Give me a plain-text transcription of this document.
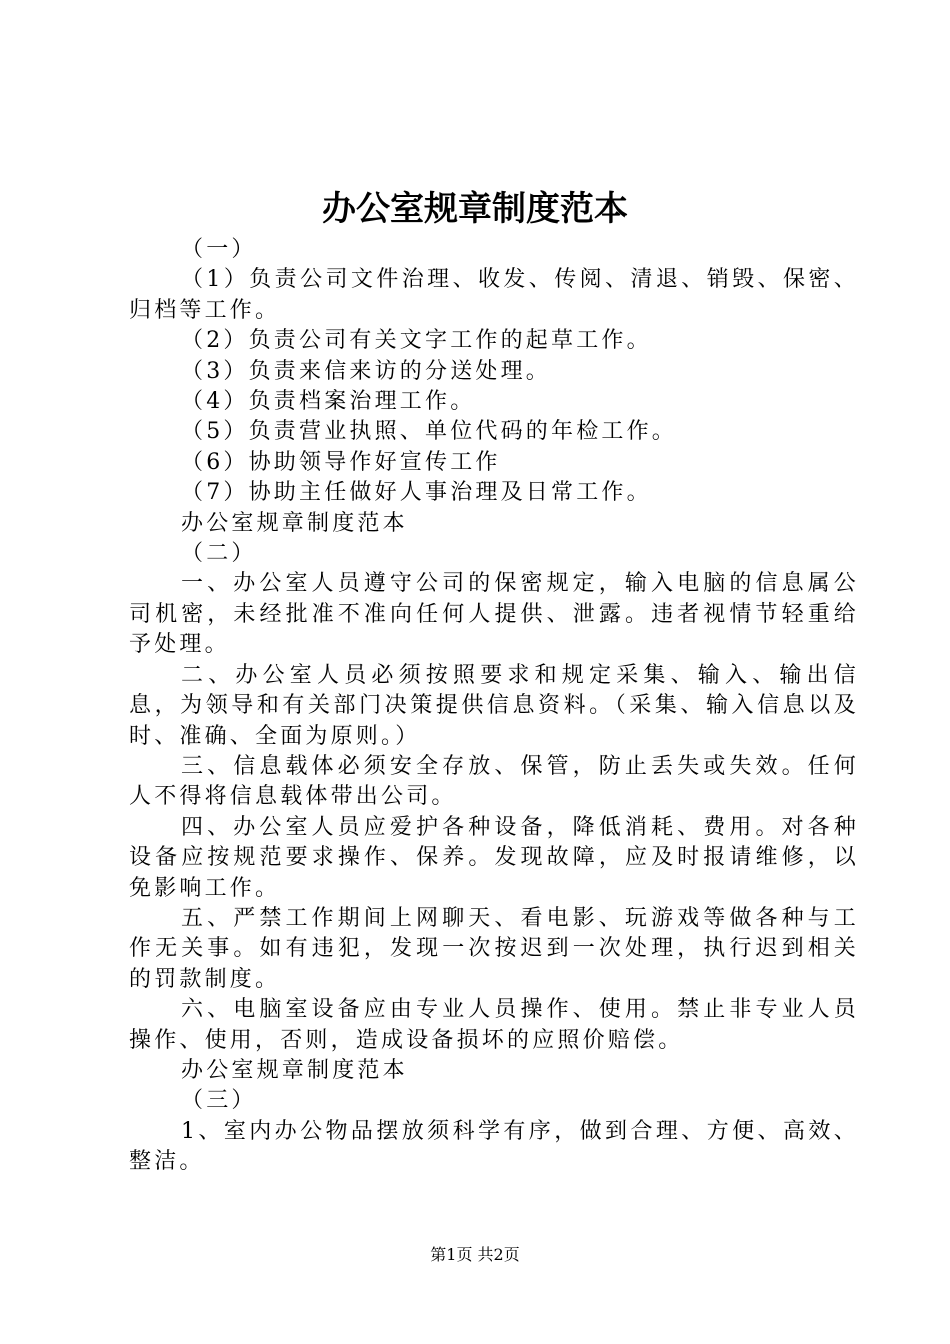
办公室规章制度范本

（一）

（1）负责公司文件治理、收发、传阅、清退、销毁、保密、归档等工作。

（2）负责公司有关文字工作的起草工作。

（3）负责来信来访的分送处理。

（4）负责档案治理工作。

（5）负责营业执照、单位代码的年检工作。

（6）协助领导作好宣传工作

（7）协助主任做好人事治理及日常工作。

办公室规章制度范本

（二）

一、办公室人员遵守公司的保密规定，输入电脑的信息属公司机密，未经批准不准向任何人提供、泄露。违者视情节轻重给予处理。

二、办公室人员必须按照要求和规定采集、输入、输出信息，为领导和有关部门决策提供信息资料。（采集、输入信息以及时、准确、全面为原则。）

三、信息载体必须安全存放、保管，防止丢失或失效。任何人不得将信息载体带出公司。

四、办公室人员应爱护各种设备，降低消耗、费用。对各种设备应按规范要求操作、保养。发现故障，应及时报请维修，以免影响工作。

五、严禁工作期间上网聊天、看电影、玩游戏等做各种与工作无关事。如有违犯，发现一次按迟到一次处理，执行迟到相关的罚款制度。

六、电脑室设备应由专业人员操作、使用。禁止非专业人员操作、使用，否则，造成设备损坏的应照价赔偿。

办公室规章制度范本

（三）

1、室内办公物品摆放须科学有序，做到合理、方便、高效、整洁。

第1页 共2页
